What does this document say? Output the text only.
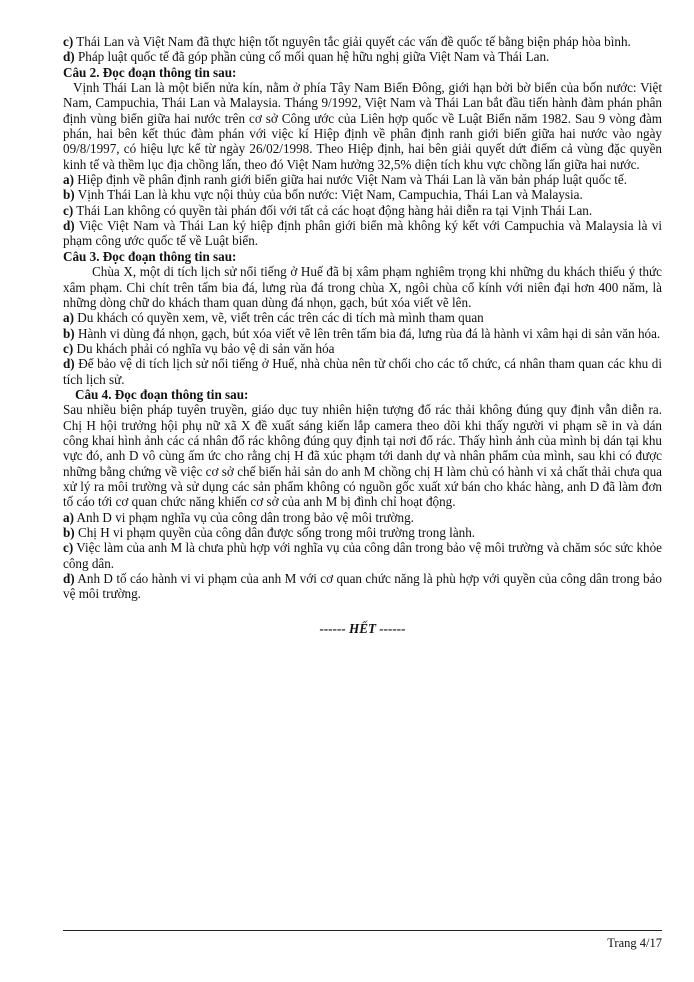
c) Thái Lan và Việt Nam đã thực hiện tốt nguyên tắc giải quyết các vấn đề quốc tế bằng biện pháp hòa bình.

d) Pháp luật quốc tế đã góp phần củng cố mối quan hệ hữu nghị giữa Việt Nam và Thái Lan.

Câu 2. Đọc đoạn thông tin sau:

Vịnh Thái Lan là một biển nửa kín, nằm ở phía Tây Nam Biển Đông, giới hạn bởi bờ biển của bốn nước: Việt Nam, Campuchia, Thái Lan và Malaysia. Tháng 9/1992, Việt Nam và Thái Lan bắt đầu tiến hành đàm phán phân định vùng biển giữa hai nước trên cơ sở Công ước của Liên hợp quốc về Luật Biển năm 1982. Sau 9 vòng đàm phán, hai bên kết thúc đàm phán với việc kí Hiệp định về phân định ranh giới biển giữa hai nước vào ngày 09/8/1997, có hiệu lực kể từ ngày 26/02/1998. Theo Hiệp định, hai bên giải quyết dứt điểm cả vùng đặc quyền kinh tế và thềm lục địa chồng lấn, theo đó Việt Nam hưởng 32,5% diện tích khu vực chồng lấn giữa hai nước.

a) Hiệp định về phân định ranh giới biển giữa hai nước Việt Nam và Thái Lan là văn bản pháp luật quốc tế.

b) Vịnh Thái Lan là khu vực nội thủy của bốn nước: Việt Nam, Campuchia, Thái Lan và Malaysia.

c) Thái Lan không có quyền tài phán đối với tất cả các hoạt động hàng hải diễn ra tại Vịnh Thái Lan.

d) Việc Việt Nam và Thái Lan ký hiệp định phân giới biển mà không ký kết với Campuchia và Malaysia là vi phạm công ước quốc tế về Luật biển.

Câu 3. Đọc đoạn thông tin sau:

Chùa X, một di tích lịch sử nổi tiếng ở Huế đã bị xâm phạm nghiêm trọng khi những du khách thiếu ý thức xâm phạm. Chi chít trên tấm bia đá, lưng rùa đá trong chùa X, ngôi chùa cổ kính với niên đại hơn 400 năm, là những dòng chữ do khách tham quan dùng đá nhọn, gạch, bút xóa viết vẽ lên.

a) Du khách có quyền xem, vẽ, viết trên các trên các di tích mà mình tham quan

b) Hành vi dùng đá nhọn, gạch, bút xóa viết vẽ lên trên tấm bia đá, lưng rùa đá là hành vi xâm hại di sản văn hóa.

c) Du khách phải có nghĩa vụ bảo vệ di sản văn hóa

d) Để bảo vệ di tích lịch sử nổi tiếng ở Huế, nhà chùa nên từ chối cho các tổ chức, cá nhân tham quan các khu di tích lịch sử.

Câu 4. Đọc đoạn thông tin sau:

Sau nhiều biện pháp tuyên truyền, giáo dục tuy nhiên hiện tượng đổ rác thải không đúng quy định vẫn diễn ra. Chị H hội trưởng hội phụ nữ xã X đề xuất sáng kiến lắp camera theo dõi khi thấy người vi phạm sẽ in và dán công khai hình ảnh các cá nhân đổ rác không đúng quy định tại nơi đổ rác. Thấy hình ảnh của mình bị dán tại khu vực đó, anh D vô cùng ấm ức cho rằng chị H đã xúc phạm tới danh dự và nhân phẩm của mình, sau khi có được những bằng chứng về việc cơ sở chế biến hải sản do anh M chồng chị H làm chủ có hành vi xả chất thải chưa qua xử lý ra môi trường và sử dụng các sản phẩm không có nguồn gốc xuất xứ bán cho khác hàng, anh D đã làm đơn tố cáo tới cơ quan chức năng khiến cơ sở của anh M bị đình chỉ hoạt động.

a) Anh D vi phạm nghĩa vụ của công dân trong bảo vệ môi trường.

b) Chị H vi phạm quyền của công dân được sống trong môi trường trong lành.

c) Việc làm của anh M là chưa phù hợp với nghĩa vụ của công dân trong bảo vệ môi trường và chăm sóc sức khỏe công dân.

d) Anh D tố cáo hành vi vi phạm của anh M với cơ quan chức năng là phù hợp với quyền của công dân trong bảo vệ môi trường.

------ HẾT ------

Trang 4/17
